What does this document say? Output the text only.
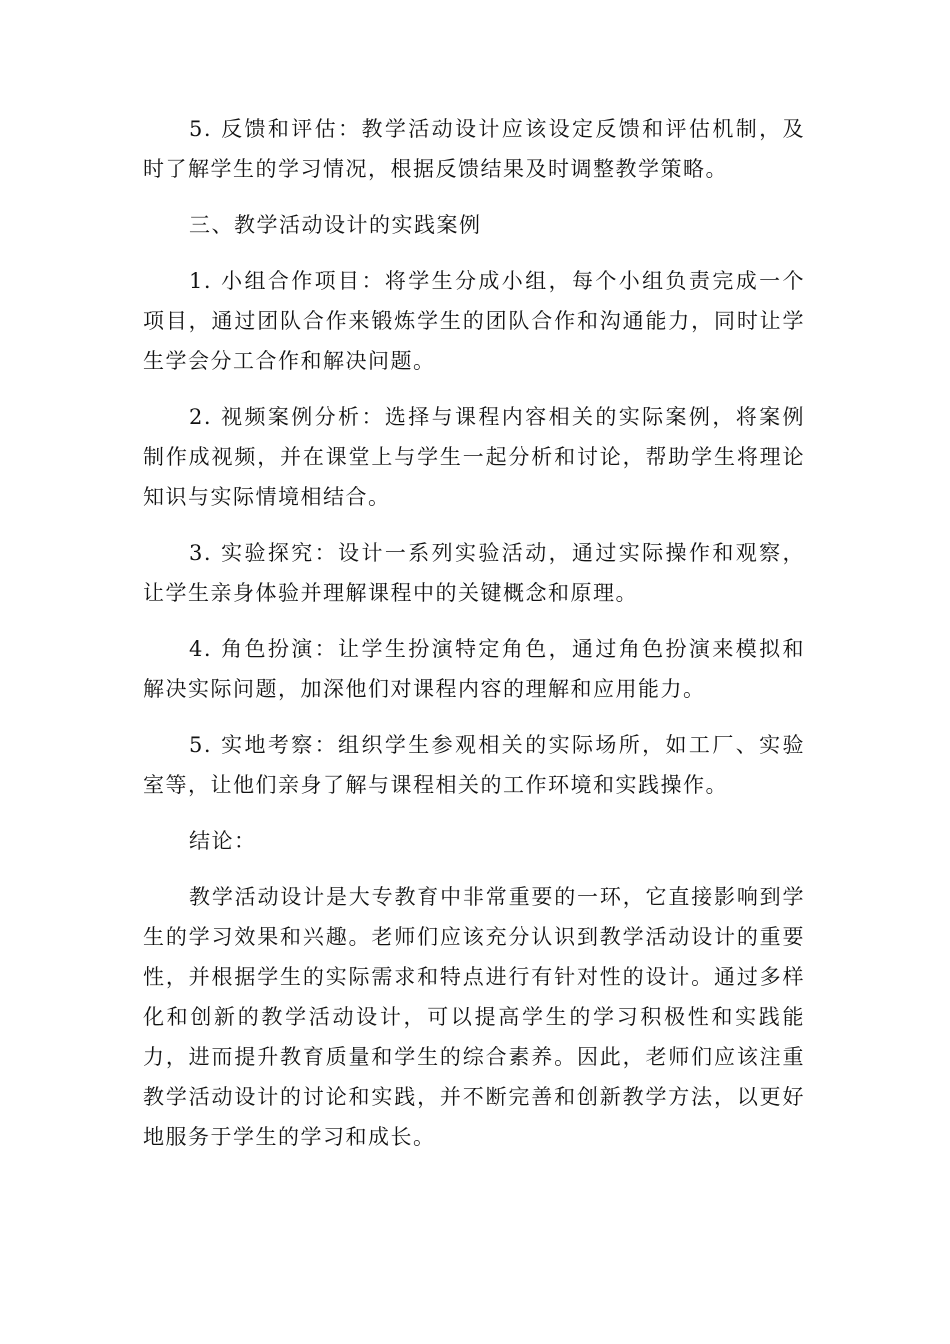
5. 反馈和评估：教学活动设计应该设定反馈和评估机制，及时了解学生的学习情况，根据反馈结果及时调整教学策略。

三、教学活动设计的实践案例

1. 小组合作项目：将学生分成小组，每个小组负责完成一个项目，通过团队合作来锻炼学生的团队合作和沟通能力，同时让学生学会分工合作和解决问题。

2. 视频案例分析：选择与课程内容相关的实际案例，将案例制作成视频，并在课堂上与学生一起分析和讨论，帮助学生将理论知识与实际情境相结合。

3. 实验探究：设计一系列实验活动，通过实际操作和观察，让学生亲身体验并理解课程中的关键概念和原理。

4. 角色扮演：让学生扮演特定角色，通过角色扮演来模拟和解决实际问题，加深他们对课程内容的理解和应用能力。

5. 实地考察：组织学生参观相关的实际场所，如工厂、实验室等，让他们亲身了解与课程相关的工作环境和实践操作。

结论：

教学活动设计是大专教育中非常重要的一环，它直接影响到学生的学习效果和兴趣。老师们应该充分认识到教学活动设计的重要性，并根据学生的实际需求和特点进行有针对性的设计。通过多样化和创新的教学活动设计，可以提高学生的学习积极性和实践能力，进而提升教育质量和学生的综合素养。因此，老师们应该注重教学活动设计的讨论和实践，并不断完善和创新教学方法，以更好地服务于学生的学习和成长。
